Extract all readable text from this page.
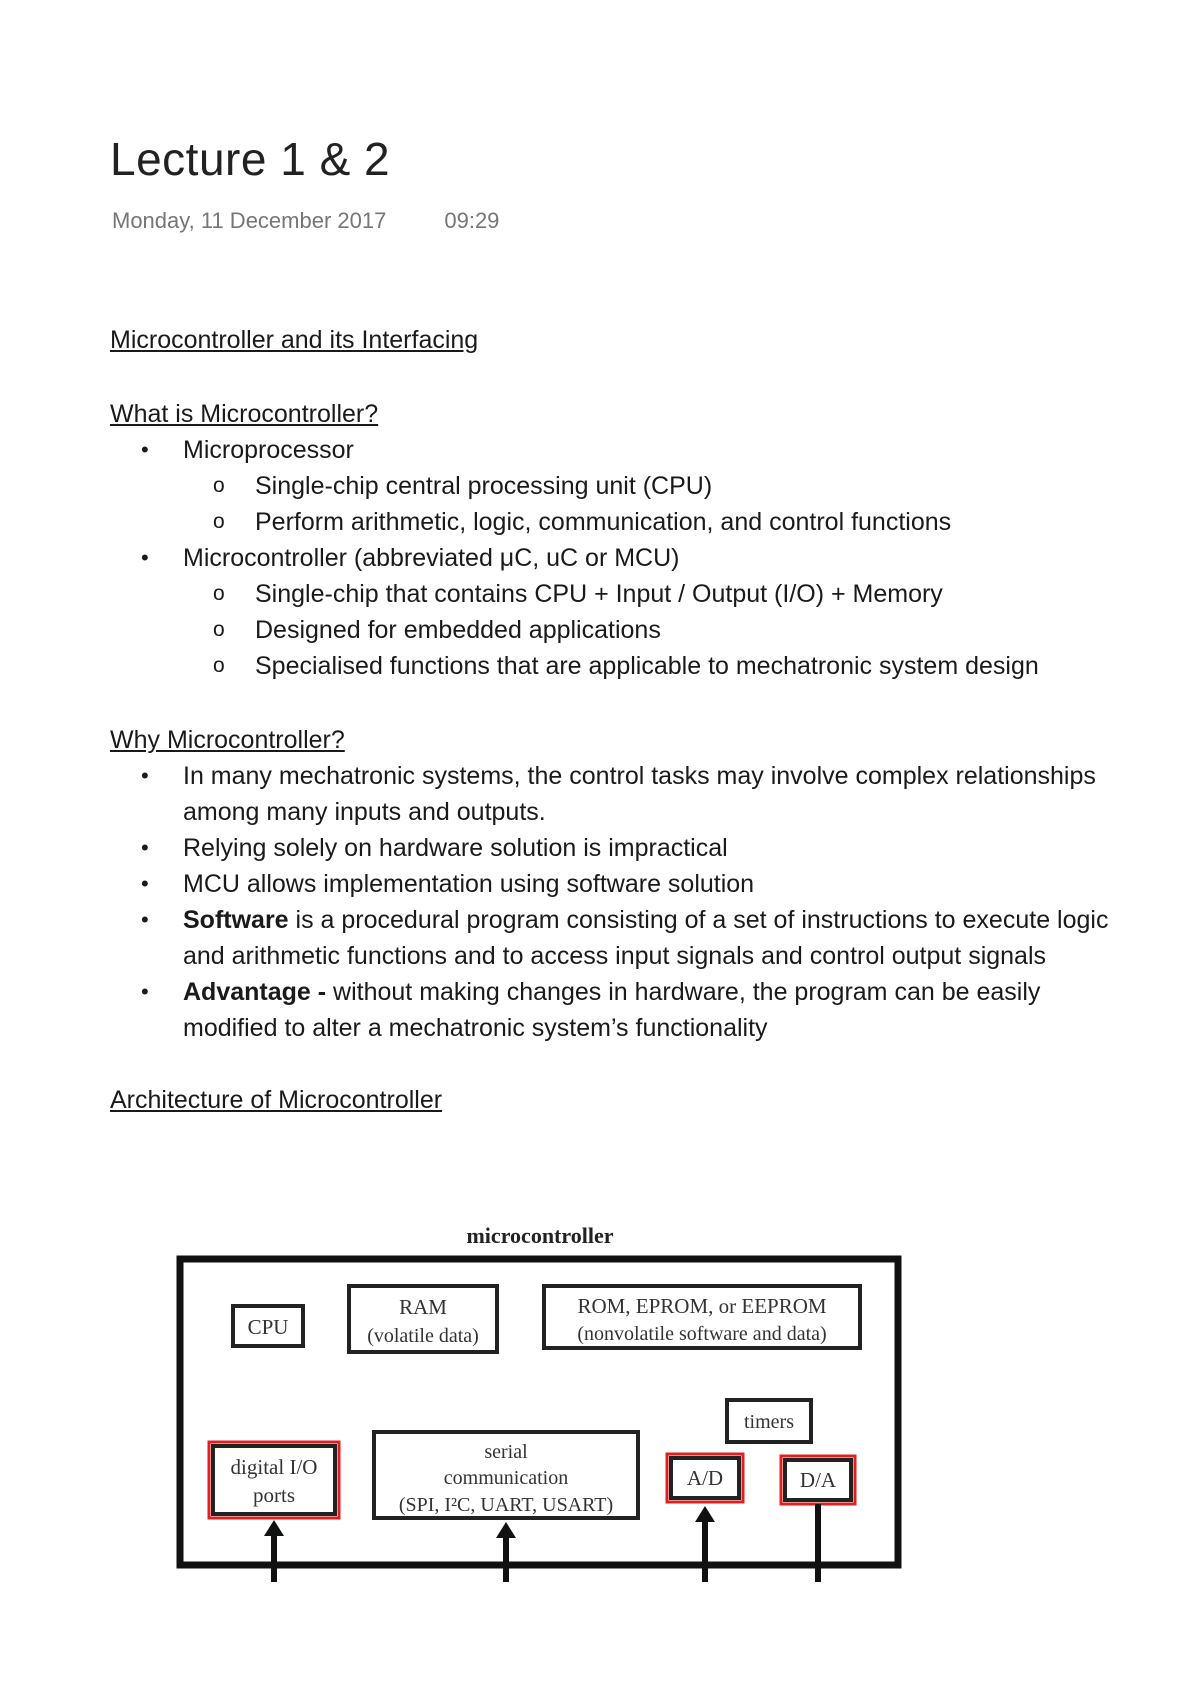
Lecture 1 & 2
Monday, 11 December 2017	09:29

Microcontroller and its Interfacing

What is Microcontroller?

• Microprocessor
o Single-chip central processing unit (CPU)
o Perform arithmetic, logic, communication, and control functions
• Microcontroller (abbreviated μC, uC or MCU)
o Single-chip that contains CPU + Input / Output (I/O) + Memory
o Designed for embedded applications
o Specialised functions that are applicable to mechatronic system design

Why Microcontroller?

• In many mechatronic systems, the control tasks may involve complex relationships among many inputs and outputs.
• Relying solely on hardware solution is impractical
• MCU allows implementation using software solution
• Software is a procedural program consisting of a set of instructions to execute logic and arithmetic functions and to access input signals and control output signals
• Advantage - without making changes in hardware, the program can be easily modified to alter a mechatronic system’s functionality

Architecture of Microcontroller

microcontroller
CPU
RAM
(volatile data)
ROM, EPROM, or EEPROM
(nonvolatile software and data)
timers
digital I/O
ports
serial
communication
(SPI, I²C, UART, USART)
A/D	D/A
